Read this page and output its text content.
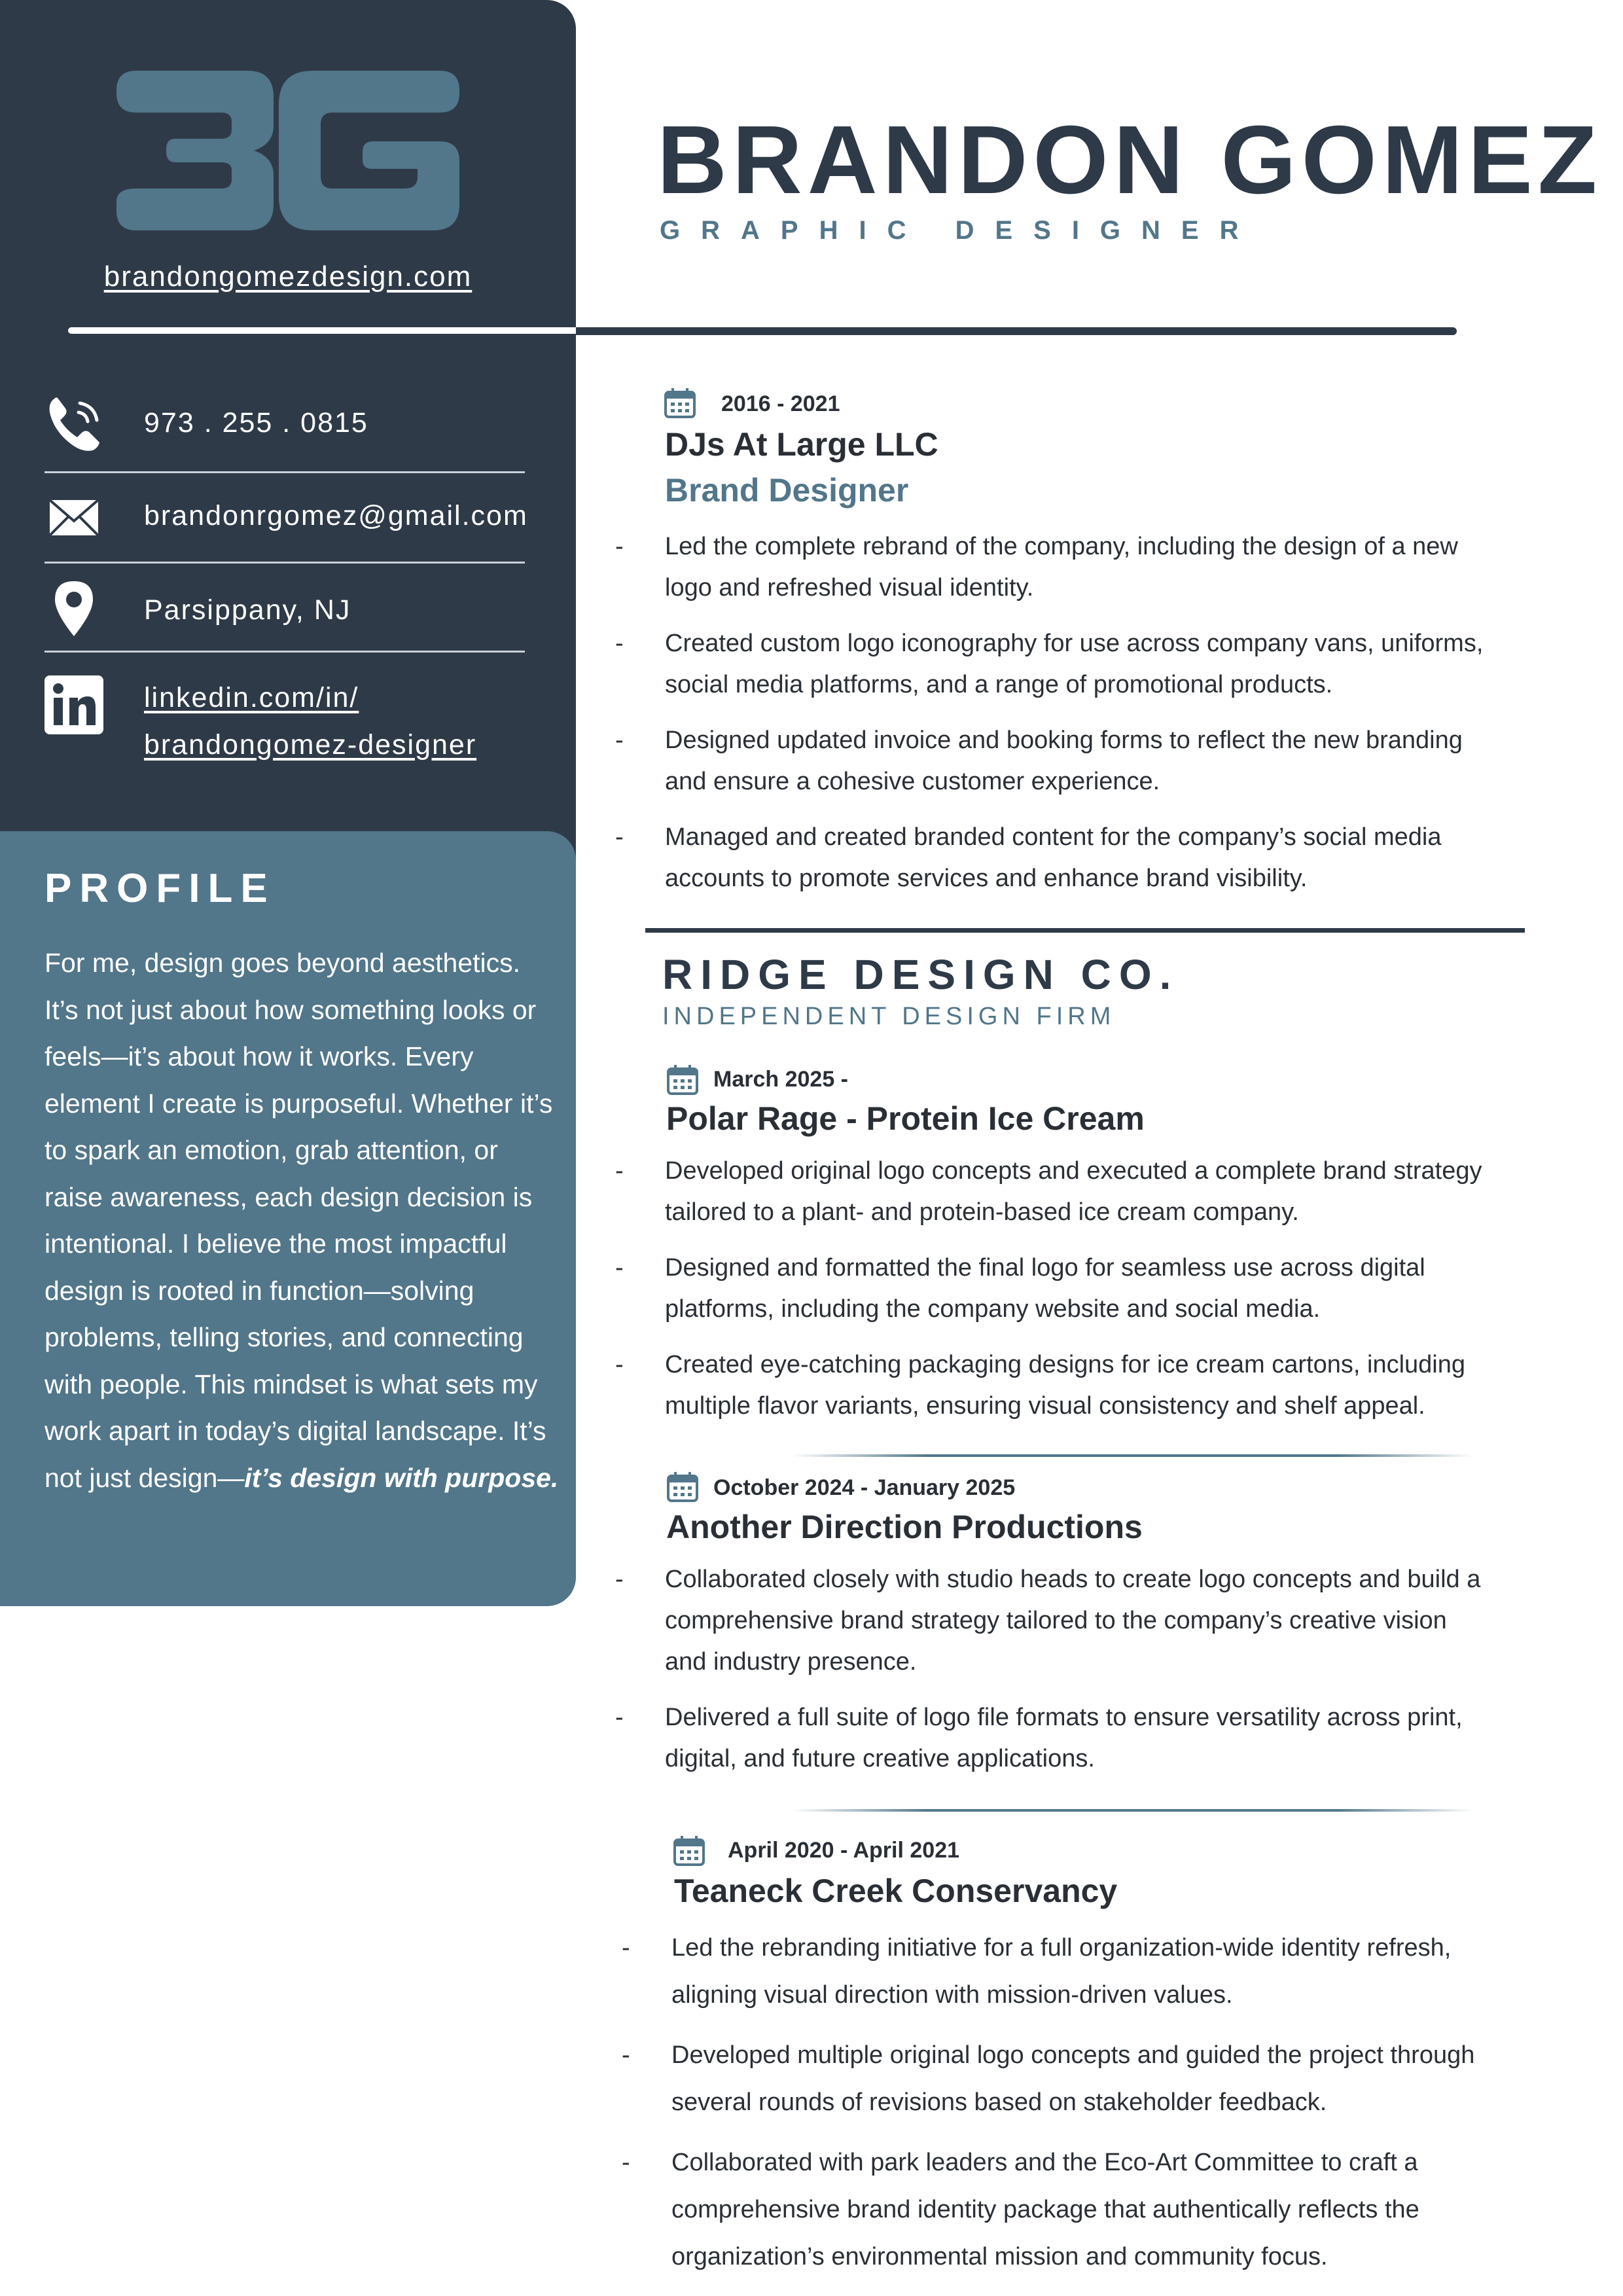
brandongomezdesign.com
973 . 255 . 0815
brandonrgomez@gmail.com
Parsippany, NJ
linkedin.com/in/
brandongomez-designer
PROFILE

For me, design goes beyond aesthetics. It’s not just about how something looks or feels—it’s about how it works. Every element I create is purposeful. Whether it’s to spark an emotion, grab attention, or raise awareness, each design decision is intentional. I believe the most impactful design is rooted in function—solving problems, telling stories, and connecting with people. This mindset is what sets my work apart in today’s digital landscape. It’s not just design—it’s design with purpose.

BRANDON GOMEZ
GRAPHIC DESIGNER
2016 - 2021
DJs At Large LLC
Brand Designer
- Led the complete rebrand of the company, including the design of a new logo and refreshed visual identity.
- Created custom logo iconography for use across company vans, uniforms, social media platforms, and a range of promotional products.
- Designed updated invoice and booking forms to reflect the new branding and ensure a cohesive customer experience.
- Managed and created branded content for the company’s social media accounts to promote services and enhance brand visibility.
RIDGE DESIGN CO.
INDEPENDENT DESIGN FIRM
March 2025 -
Polar Rage - Protein Ice Cream
- Developed original logo concepts and executed a complete brand strategy tailored to a plant- and protein-based ice cream company.
- Designed and formatted the final logo for seamless use across digital platforms, including the company website and social media.
- Created eye-catching packaging designs for ice cream cartons, including multiple flavor variants, ensuring visual consistency and shelf appeal.
October 2024 - January 2025
Another Direction Productions
- Collaborated closely with studio heads to create logo concepts and build a comprehensive brand strategy tailored to the company’s creative vision and industry presence.
- Delivered a full suite of logo file formats to ensure versatility across print, digital, and future creative applications.
April 2020 - April 2021
Teaneck Creek Conservancy
- Led the rebranding initiative for a full organization-wide identity refresh, aligning visual direction with mission-driven values.
- Developed multiple original logo concepts and guided the project through several rounds of revisions based on stakeholder feedback.
- Collaborated with park leaders and the Eco-Art Committee to craft a comprehensive brand identity package that authentically reflects the organization’s environmental mission and community focus.
